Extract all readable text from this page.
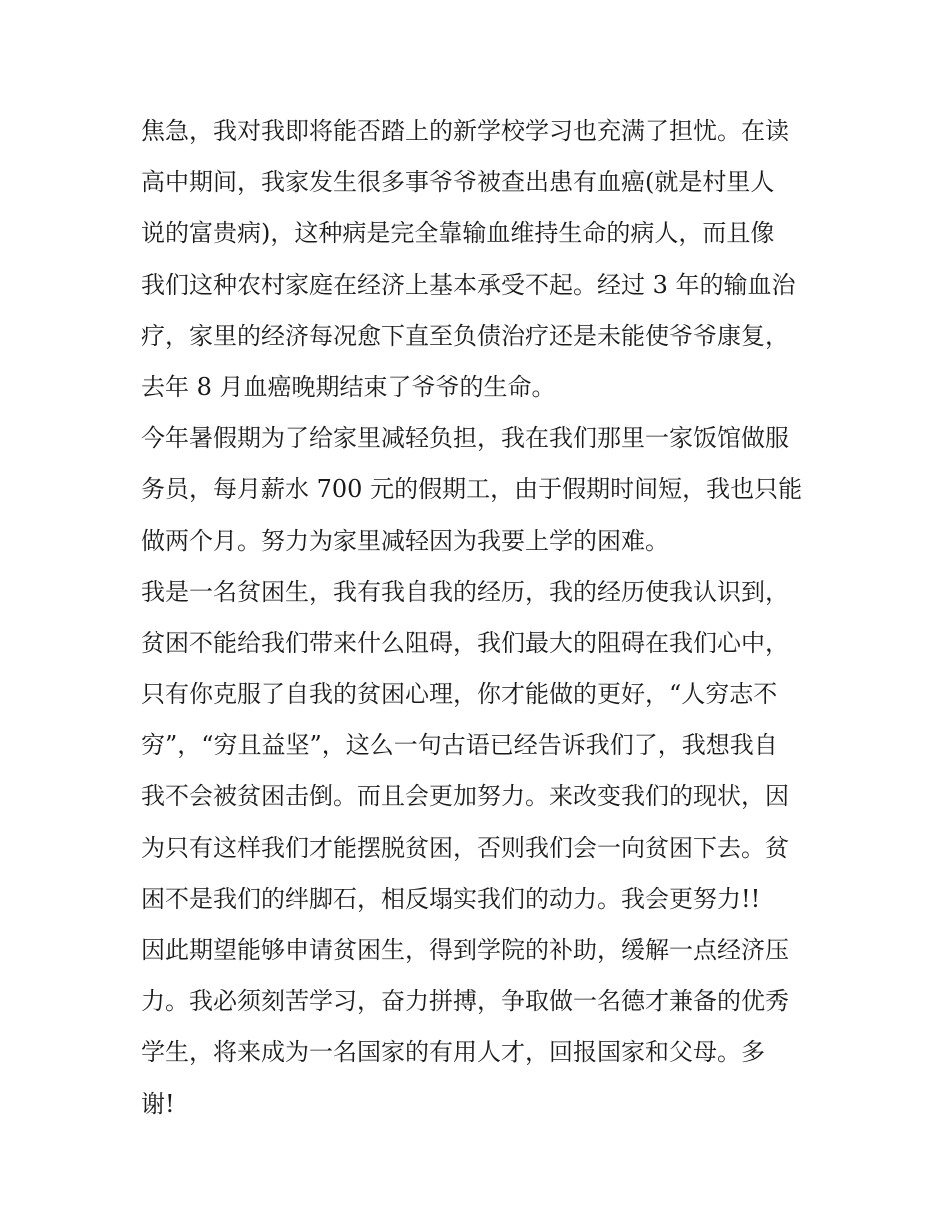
焦急，我对我即将能否踏上的新学校学习也充满了担忧。在读
高中期间，我家发生很多事爷爷被查出患有血癌(就是村里人
说的富贵病)，这种病是完全靠输血维持生命的病人，而且像
我们这种农村家庭在经济上基本承受不起。经过 3 年的输血治
疗，家里的经济每况愈下直至负债治疗还是未能使爷爷康复，
去年 8 月血癌晚期结束了爷爷的生命。
今年暑假期为了给家里减轻负担，我在我们那里一家饭馆做服
务员，每月薪水 700 元的假期工，由于假期时间短，我也只能
做两个月。努力为家里减轻因为我要上学的困难。
我是一名贫困生，我有我自我的经历，我的经历使我认识到，
贫困不能给我们带来什么阻碍，我们最大的阻碍在我们心中，
只有你克服了自我的贫困心理，你才能做的更好，“人穷志不
穷”，“穷且益坚”，这么一句古语已经告诉我们了，我想我自
我不会被贫困击倒。而且会更加努力。来改变我们的现状，因
为只有这样我们才能摆脱贫困，否则我们会一向贫困下去。贫
困不是我们的绊脚石，相反塌实我们的动力。我会更努力!!
因此期望能够申请贫困生，得到学院的补助，缓解一点经济压
力。我必须刻苦学习，奋力拼搏，争取做一名德才兼备的优秀
学生，将来成为一名国家的有用人才，回报国家和父母。多
谢!
